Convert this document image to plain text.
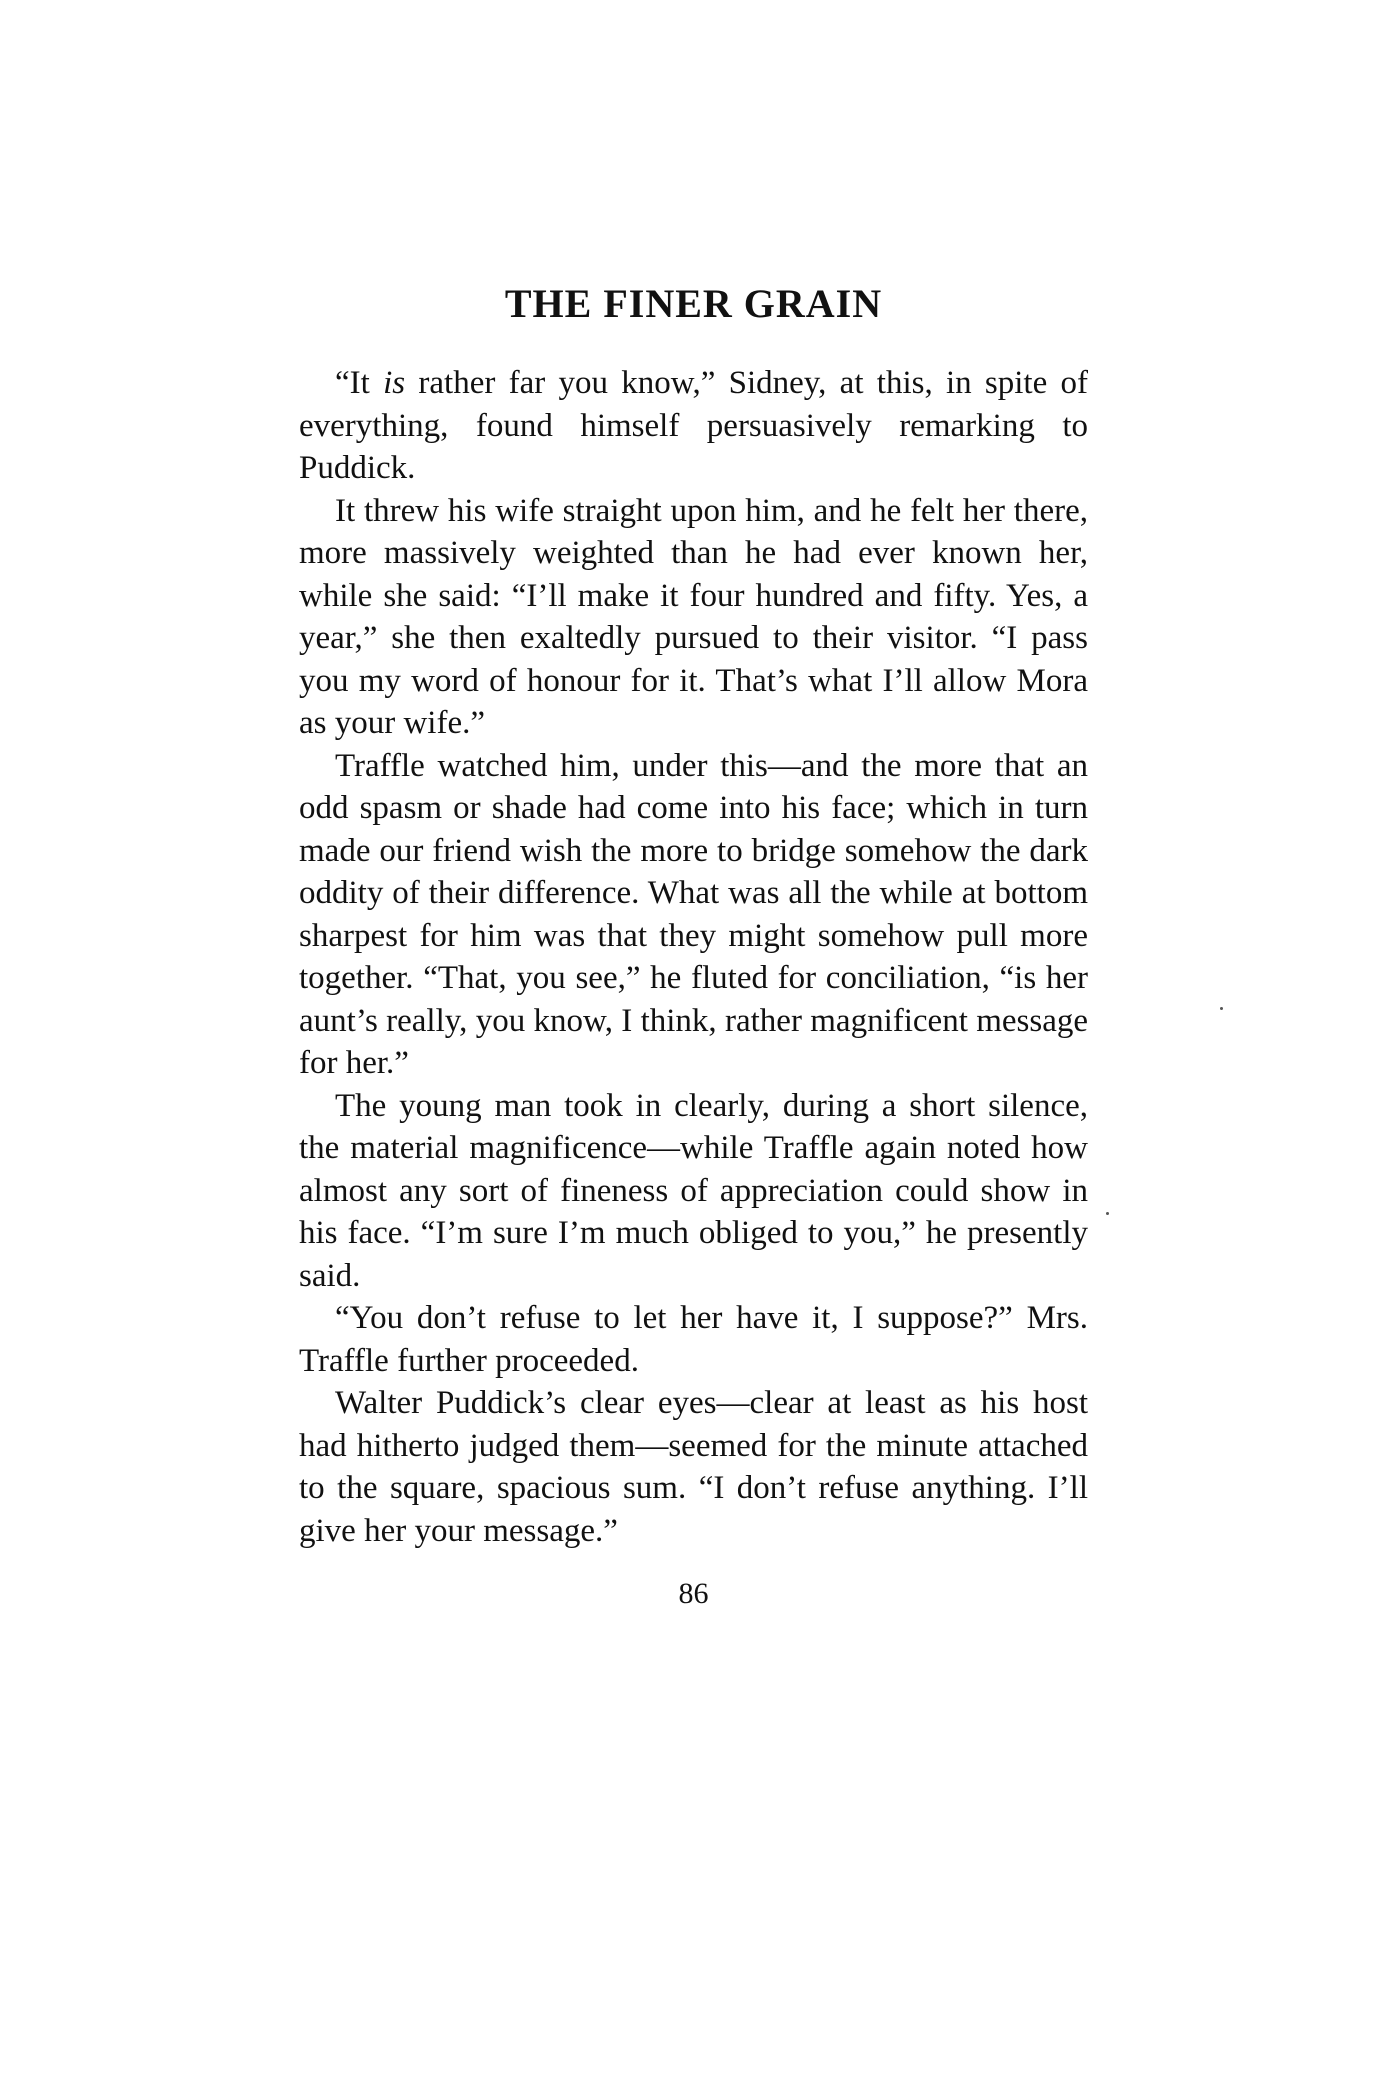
THE FINER GRAIN

“It is rather far you know,” Sidney, at this, in spite of everything, found himself persuasively remarking to Puddick.

It threw his wife straight upon him, and he felt her there, more massively weighted than he had ever known her, while she said: “I’ll make it four hundred and fifty. Yes, a year,” she then exaltedly pursued to their visitor. “I pass you my word of honour for it. That’s what I’ll allow Mora as your wife.”

Traffle watched him, under this—and the more that an odd spasm or shade had come into his face; which in turn made our friend wish the more to bridge somehow the dark oddity of their difference. What was all the while at bottom sharpest for him was that they might somehow pull more together. “That, you see,” he fluted for conciliation, “is her aunt’s really, you know, I think, rather magnificent message for her.”

The young man took in clearly, during a short silence, the material magnificence—while Traffle again noted how almost any sort of fineness of appreciation could show in his face. “I’m sure I’m much obliged to you,” he presently said.

“You don’t refuse to let her have it, I suppose?” Mrs. Traffle further proceeded.

Walter Puddick’s clear eyes—clear at least as his host had hitherto judged them—seemed for the minute attached to the square, spacious sum. “I don’t refuse anything. I’ll give her your message.”

86
